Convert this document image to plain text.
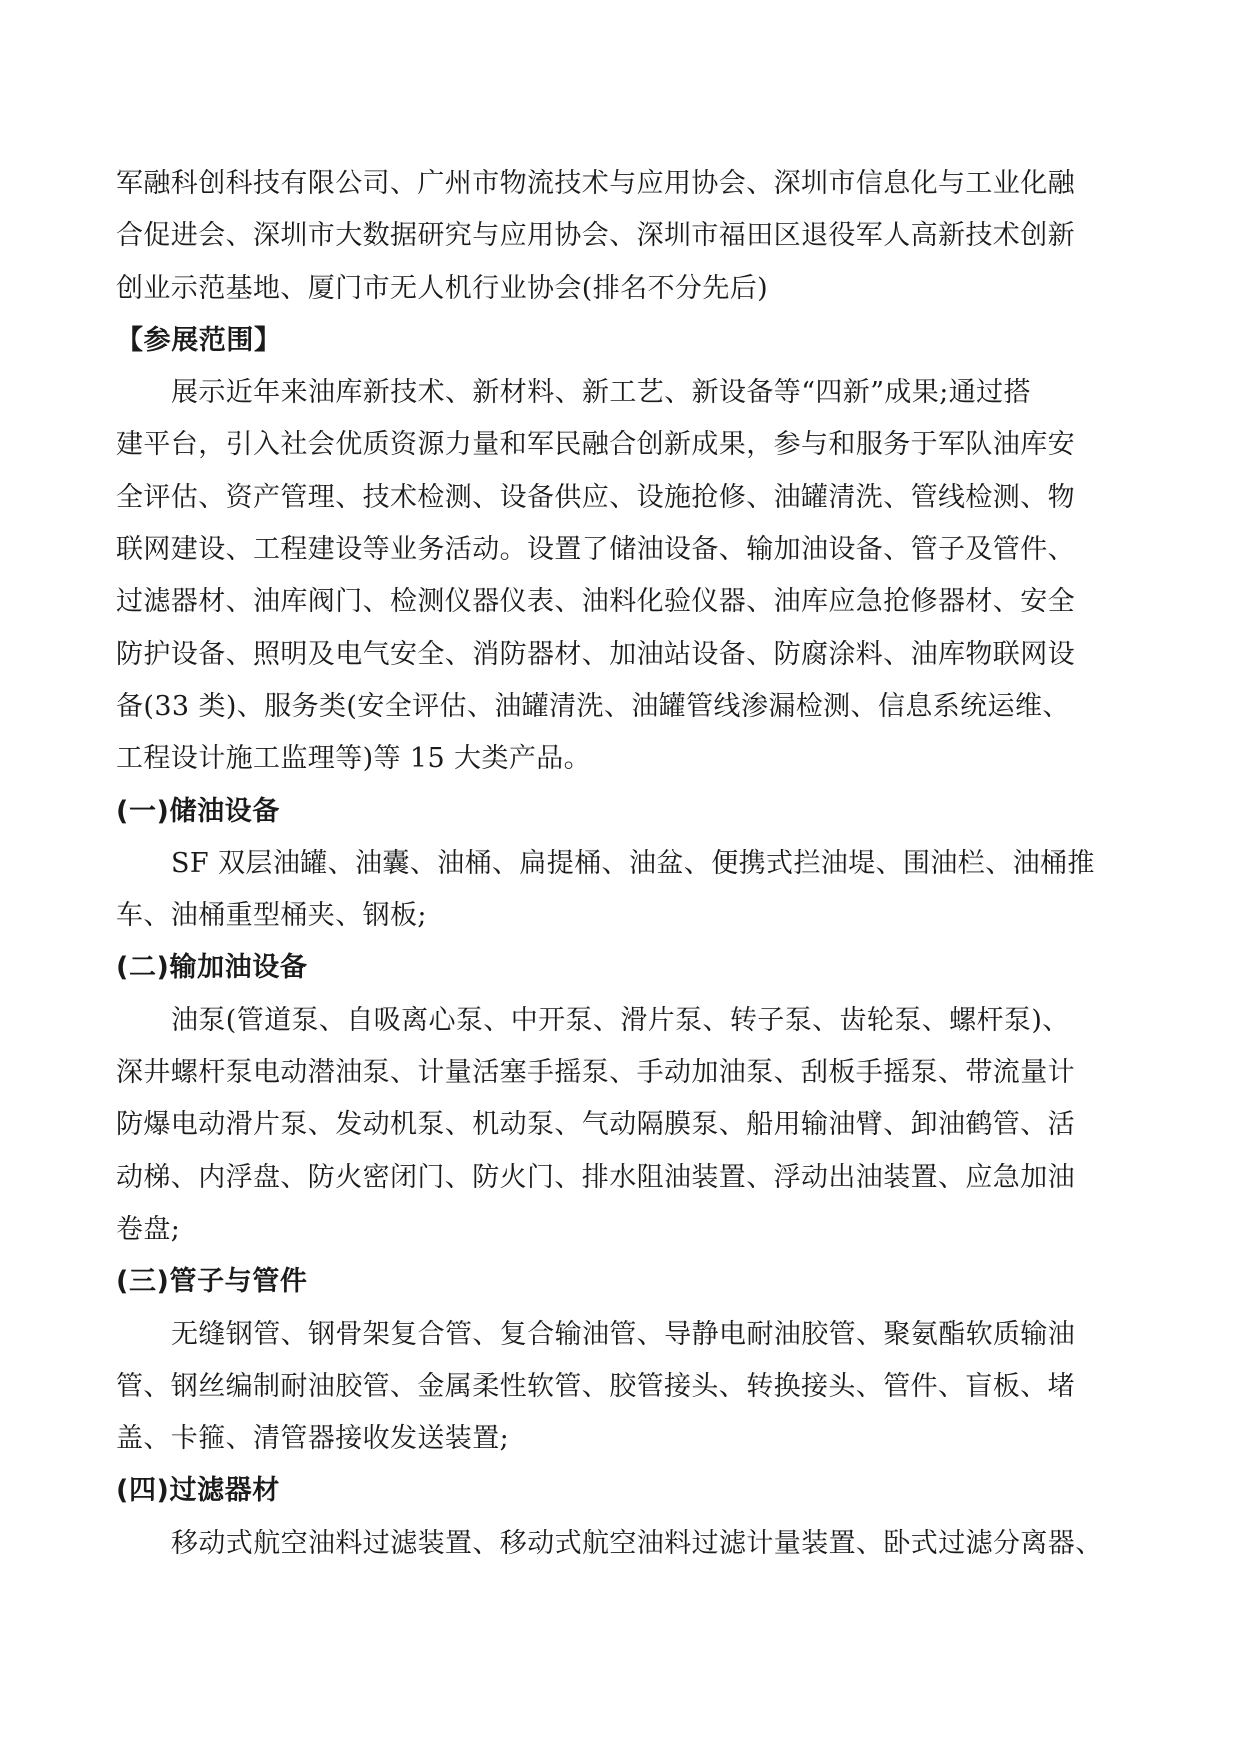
军融科创科技有限公司、广州市物流技术与应用协会、深圳市信息化与工业化融
合促进会、深圳市大数据研究与应用协会、深圳市福田区退役军人高新技术创新
创业示范基地、厦门市无人机行业协会(排名不分先后)
【参展范围】
展示近年来油库新技术、新材料、新工艺、新设备等“四新”成果;通过搭
建平台，引入社会优质资源力量和军民融合创新成果，参与和服务于军队油库安
全评估、资产管理、技术检测、设备供应、设施抢修、油罐清洗、管线检测、物
联网建设、工程建设等业务活动。设置了储油设备、输加油设备、管子及管件、
过滤器材、油库阀门、检测仪器仪表、油料化验仪器、油库应急抢修器材、安全
防护设备、照明及电气安全、消防器材、加油站设备、防腐涂料、油库物联网设
备(33 类)、服务类(安全评估、油罐清洗、油罐管线渗漏检测、信息系统运维、
工程设计施工监理等)等 15 大类产品。
(一)储油设备
SF 双层油罐、油囊、油桶、扁提桶、油盆、便携式拦油堤、围油栏、油桶推
车、油桶重型桶夹、钢板;
(二)输加油设备
油泵(管道泵、自吸离心泵、中开泵、滑片泵、转子泵、齿轮泵、螺杆泵)、
深井螺杆泵电动潜油泵、计量活塞手摇泵、手动加油泵、刮板手摇泵、带流量计
防爆电动滑片泵、发动机泵、机动泵、气动隔膜泵、船用输油臂、卸油鹤管、活
动梯、内浮盘、防火密闭门、防火门、排水阻油装置、浮动出油装置、应急加油
卷盘;
(三)管子与管件
无缝钢管、钢骨架复合管、复合输油管、导静电耐油胶管、聚氨酯软质输油
管、钢丝编制耐油胶管、金属柔性软管、胶管接头、转换接头、管件、盲板、堵
盖、卡箍、清管器接收发送装置;
(四)过滤器材
移动式航空油料过滤装置、移动式航空油料过滤计量装置、卧式过滤分离器、
